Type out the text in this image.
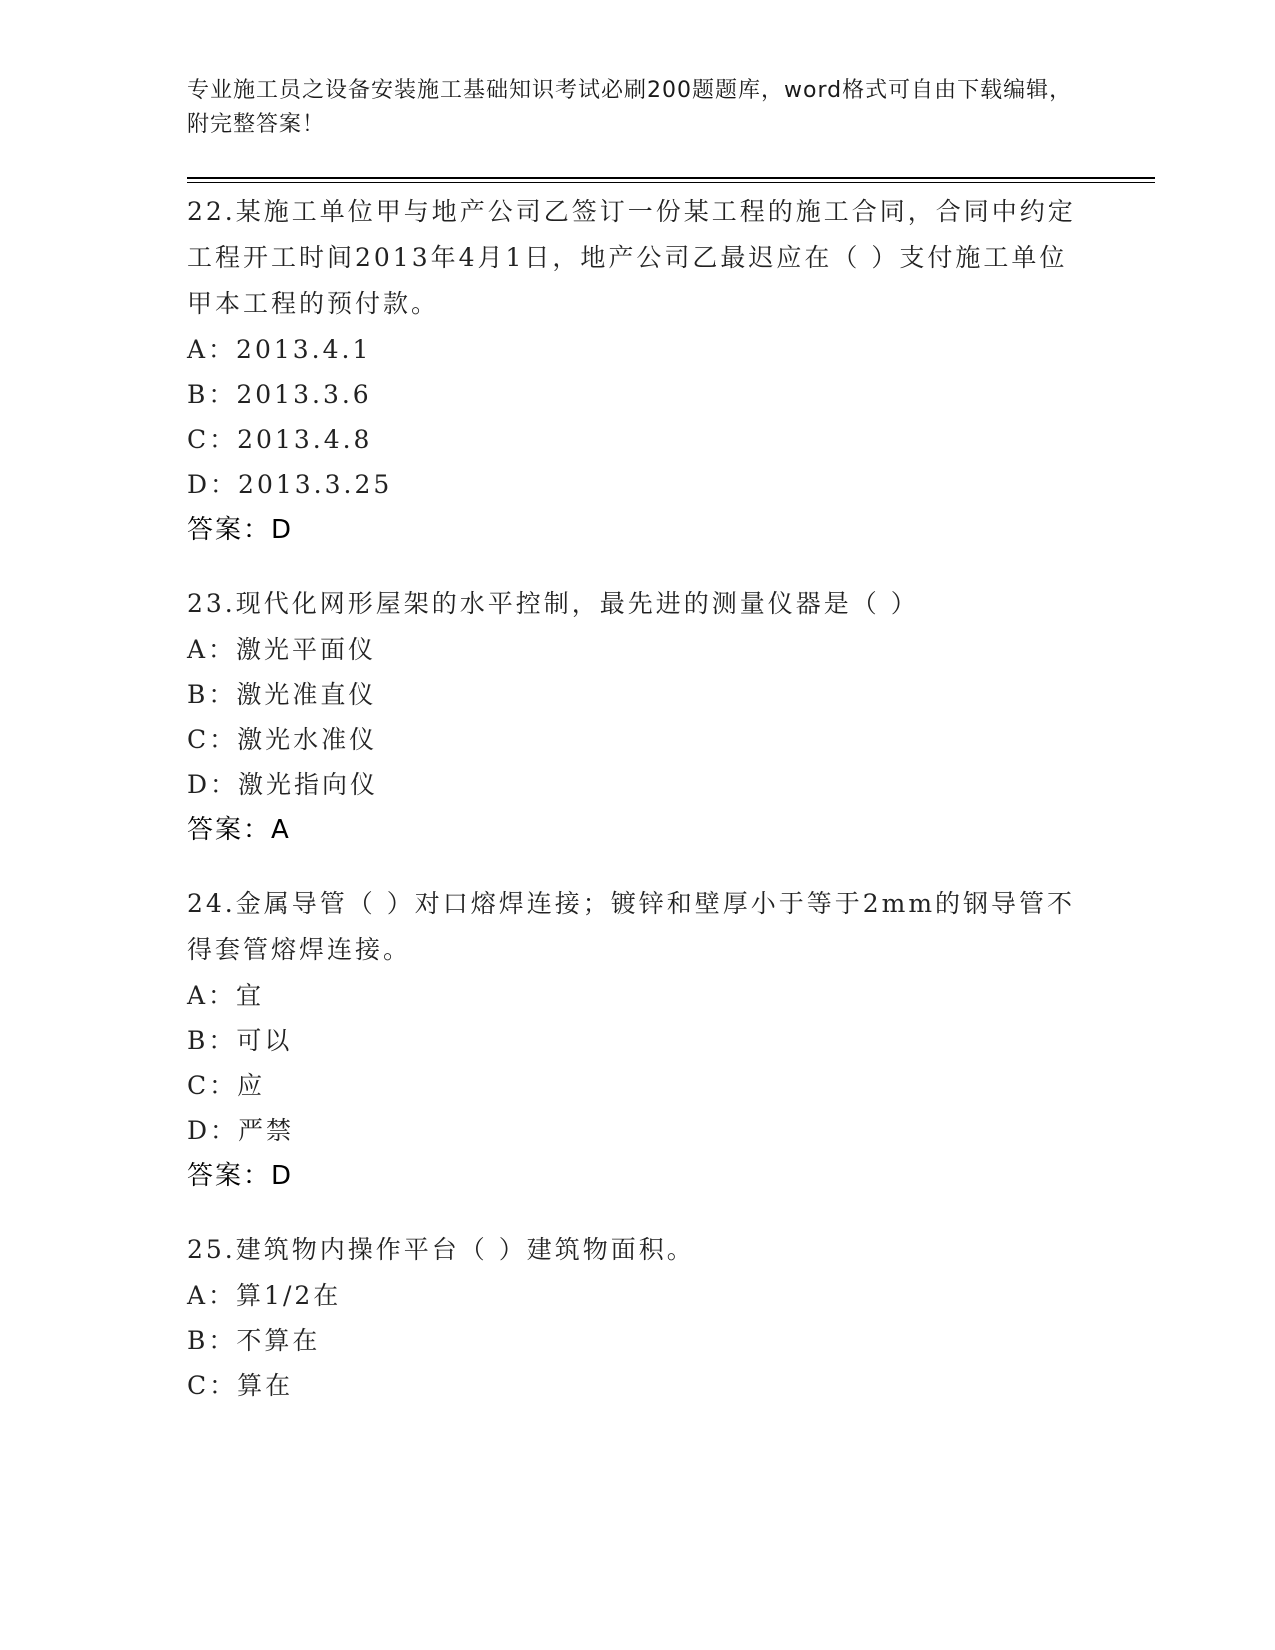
专业施工员之设备安装施工基础知识考试必刷200题题库，word格式可自由下载编辑，附完整答案！
22.某施工单位甲与地产公司乙签订一份某工程的施工合同，合同中约定工程开工时间2013年4月1日，地产公司乙最迟应在（ ）支付施工单位甲本工程的预付款。
A：2013.4.1
B：2013.3.6
C：2013.4.8
D：2013.3.25
答案：D
23.现代化网形屋架的水平控制，最先进的测量仪器是（ ）
A：激光平面仪
B：激光准直仪
C：激光水准仪
D：激光指向仪
答案：A
24.金属导管（ ）对口熔焊连接；镀锌和壁厚小于等于2mm的钢导管不得套管熔焊连接。
A：宜
B：可以
C：应
D：严禁
答案：D
25.建筑物内操作平台（ ）建筑物面积。
A：算1/2在
B：不算在
C：算在
